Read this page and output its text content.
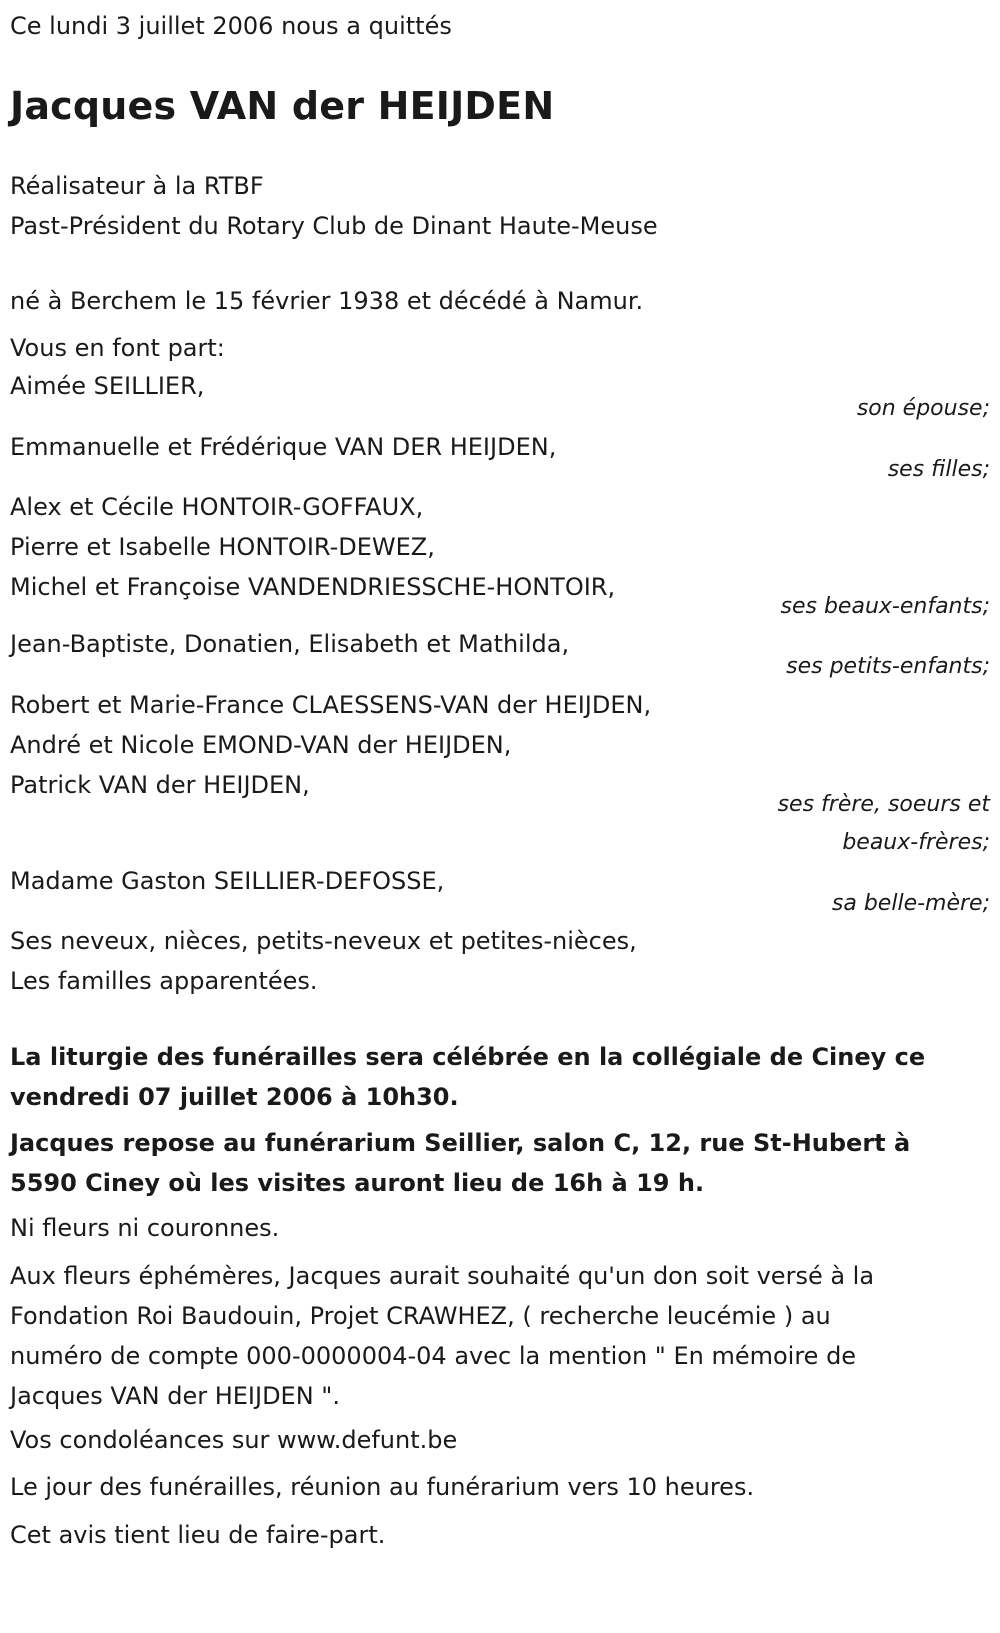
Ce lundi 3 juillet 2006 nous a quittés

Jacques VAN der HEIJDEN
Réalisateur à la RTBF
Past-Président du Rotary Club de Dinant Haute-Meuse
né à Berchem le 15 février 1938 et décédé à Namur.
Vous en font part:
Aimée SEILLIER,
son épouse;
Emmanuelle et Frédérique VAN DER HEIJDEN,
ses filles;
Alex et Cécile HONTOIR-GOFFAUX,
Pierre et Isabelle HONTOIR-DEWEZ,
Michel et Françoise VANDENDRIESSCHE-HONTOIR,
ses beaux-enfants;
Jean-Baptiste, Donatien, Elisabeth et Mathilda,
ses petits-enfants;
Robert et Marie-France CLAESSENS-VAN der HEIJDEN,
André et Nicole EMOND-VAN der HEIJDEN,
Patrick VAN der HEIJDEN,
ses frère, soeurs et
beaux-frères;
Madame Gaston SEILLIER-DEFOSSE,
sa belle-mère;
Ses neveux, nièces, petits-neveux et petites-nièces,
Les familles apparentées.
La liturgie des funérailles sera célébrée en la collégiale de Ciney ce
vendredi 07 juillet 2006 à 10h30.
Jacques repose au funérarium Seillier, salon C, 12, rue St-Hubert à
5590 Ciney où les visites auront lieu de 16h à 19 h.
Ni fleurs ni couronnes.
Aux fleurs éphémères, Jacques aurait souhaité qu'un don soit versé à la
Fondation Roi Baudouin, Projet CRAWHEZ, ( recherche leucémie ) au
numéro de compte 000-0000004-04 avec la mention " En mémoire de
Jacques VAN der HEIJDEN ".
Vos condoléances sur www.defunt.be
Le jour des funérailles, réunion au funérarium vers 10 heures.
Cet avis tient lieu de faire-part.
